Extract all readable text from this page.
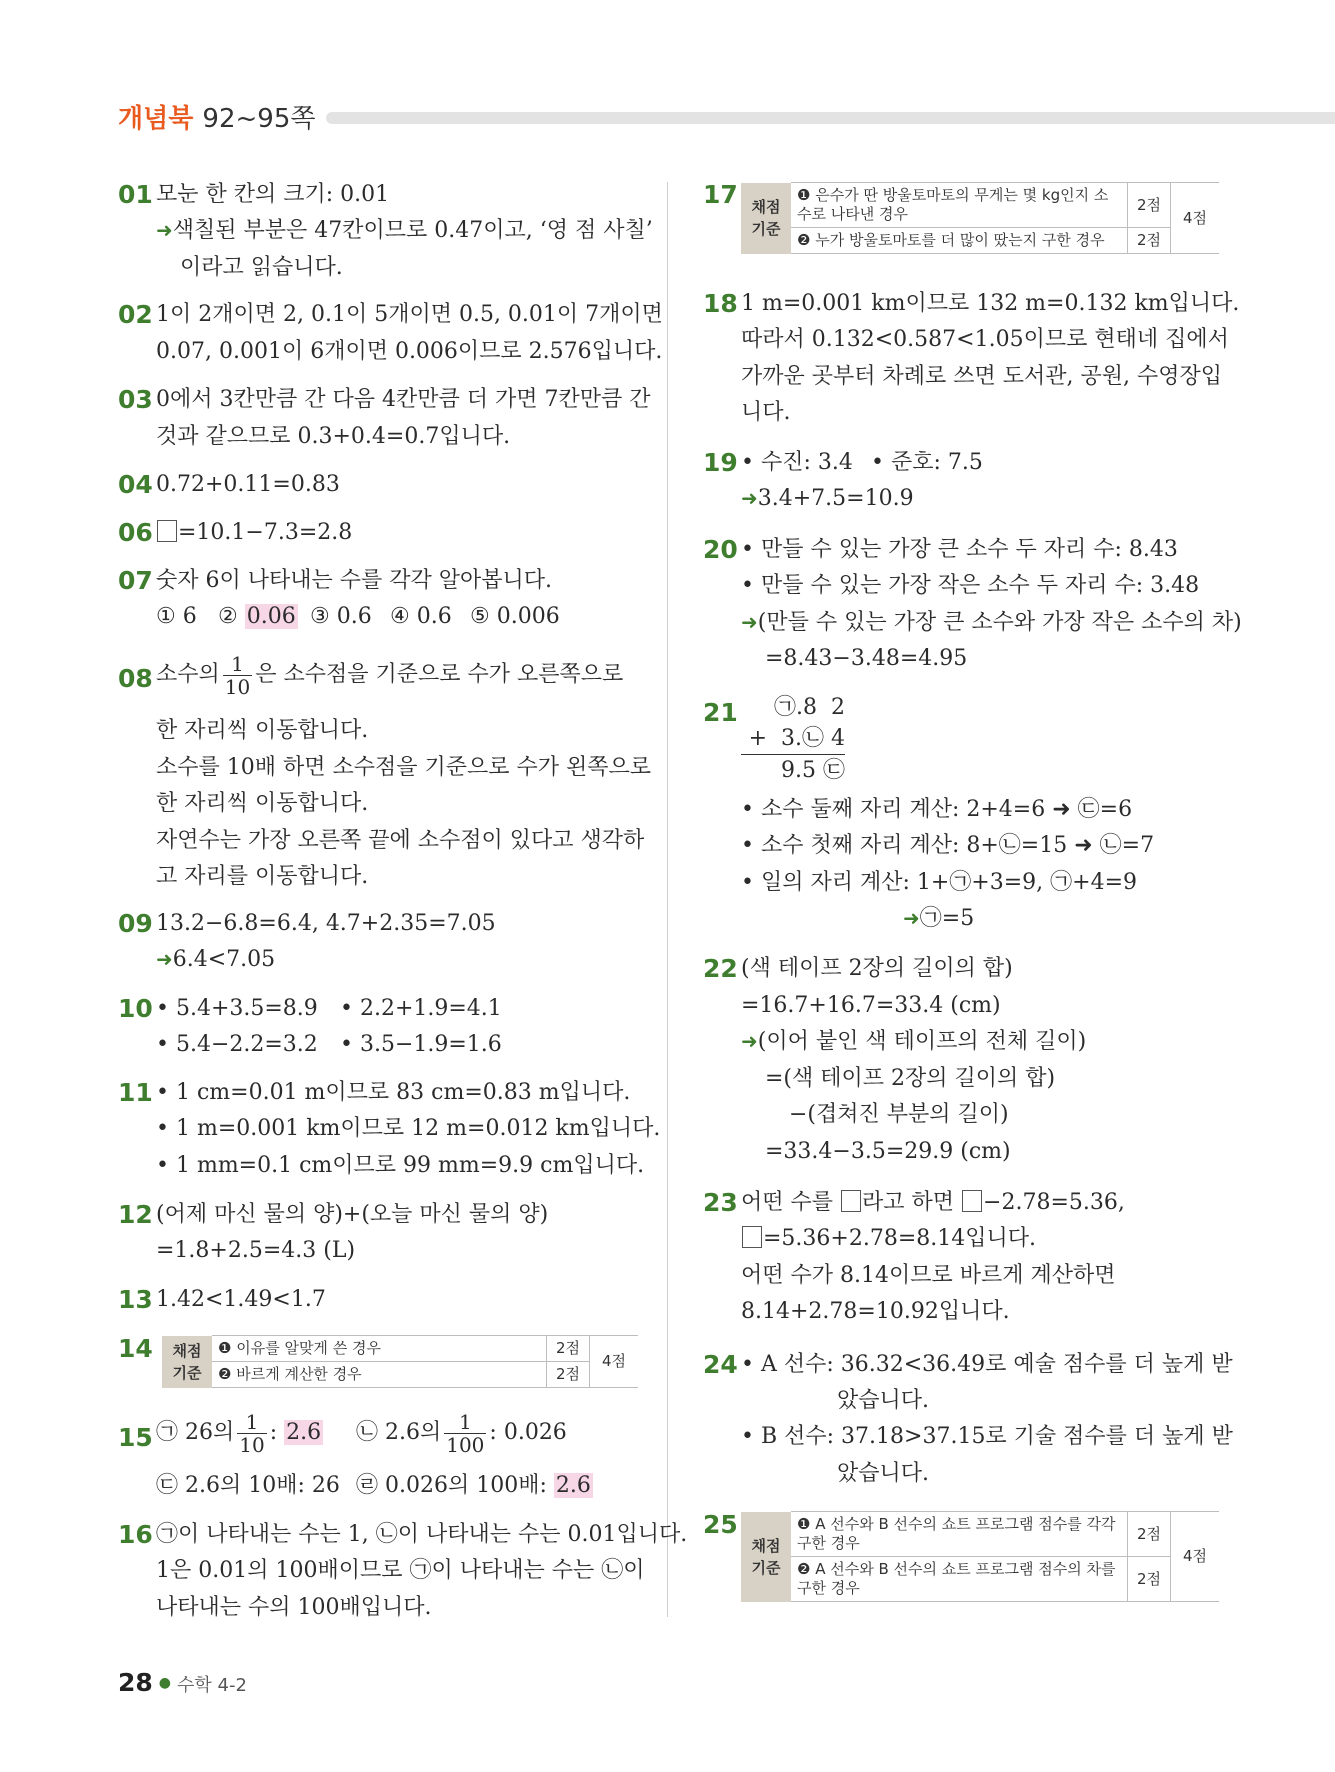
개념북 92~95쪽
01 모눈 한 칸의 크기: 0.01
➜색칠된 부분은 47칸이므로 0.47이고, ‘영 점 사칠’
이라고 읽습니다.
02 1이 2개이면 2, 0.1이 5개이면 0.5, 0.01이 7개이면
0.07, 0.001이 6개이면 0.006이므로 2.576입니다.
03 0에서 3칸만큼 간 다음 4칸만큼 더 가면 7칸만큼 간
것과 같으므로 0.3+0.4=0.7입니다.
04 0.72+0.11=0.83
06	=10.1−7.3=2.8
07 숫자 6이 나타내는 수를 각각 알아봅니다.
① 6 ② 0.06 ③ 0.6 ④ 0.6 ⑤ 0.006
08 소수의 $\frac{1}{10}$ 은 소수점을 기준으로 수가 오른쪽으로
한 자리씩 이동합니다.
소수를 10배 하면 소수점을 기준으로 수가 왼쪽으로
한 자리씩 이동합니다.
자연수는 가장 오른쪽 끝에 소수점이 있다고 생각하
고 자리를 이동합니다.
09 13.2−6.8=6.4, 4.7+2.35=7.05
➜6.4<7.05
10 • 5.4+3.5=8.9 • 2.2+1.9=4.1
• 5.4−2.2=3.2 • 3.5−1.9=1.6
11 • 1 cm=0.01 m이므로 83 cm=0.83 m입니다.
• 1 m=0.001 km이므로 12 m=0.012 km입니다.
• 1 mm=0.1 cm이므로 99 mm=9.9 cm입니다.
12 (어제 마신 물의 양)+(오늘 마신 물의 양)
=1.8+2.5=4.3 (L)
13 1.42<1.49<1.7
14 채점
기준	❶ 이유를 알맞게 쓴 경우	2점	4점
	❷ 바르게 계산한 경우	2점	
15 ㉠ 26의 $\frac{1}{10}$ : 2.6 ㉡ 2.6의 $\frac{1}{100}$ : 0.026
㉢ 2.6의 10배: 26 ㉣ 0.026의 100배: 2.6
16 ㉠이 나타내는 수는 1, ㉡이 나타내는 수는 0.01입니다.
1은 0.01의 100배이므로 ㉠이 나타내는 수는 ㉡이
나타내는 수의 100배입니다.
17 채점
기준	❶ 은수가 딴 방울토마토의 무게는 몇 kg인지 소수로 나타낸 경우	2점	4점
	❷ 누가 방울토마토를 더 많이 땄는지 구한 경우	2점	
18 1 m=0.001 km이므로 132 m=0.132 km입니다.
따라서 0.132<0.587<1.05이므로 현태네 집에서
가까운 곳부터 차례로 쓰면 도서관, 공원, 수영장입
니다.
19 • 수진: 3.4 • 준호: 7.5
➜3.4+7.5=10.9
20 • 만들 수 있는 가장 큰 소수 두 자리 수: 8.43
• 만들 수 있는 가장 작은 소수 두 자리 수: 3.48
➜(만들 수 있는 가장 큰 소수와 가장 작은 소수의 차)
=8.43−3.48=4.95
21	㉠.8  2
+  3.㉡ 4
9.5 ㉢
• 소수 둘째 자리 계산: 2+4=6 ➜ ㉢=6
• 소수 첫째 자리 계산: 8+㉡=15 ➜ ㉡=7
• 일의 자리 계산: 1+㉠+3=9, ㉠+4=9
➜㉠=5
22 (색 테이프 2장의 길이의 합)
=16.7+16.7=33.4 (cm)
➜(이어 붙인 색 테이프의 전체 길이)
=(색 테이프 2장의 길이의 합)
−(겹쳐진 부분의 길이)
=33.4−3.5=29.9 (cm)
23 어떤 수를 라고 하면 −2.78=5.36,
=5.36+2.78=8.14입니다.
어떤 수가 8.14이므로 바르게 계산하면
8.14+2.78=10.92입니다.
24 • A 선수: 36.32<36.49로 예술 점수를 더 높게 받
았습니다.
• B 선수: 37.18>37.15로 기술 점수를 더 높게 받
았습니다.
25
채점
기준	❶ A 선수와 B 선수의 쇼트 프로그램 점수를 각각 구한 경우	2점	4점
	❷ A 선수와 B 선수의 쇼트 프로그램 점수의 차를 구한 경우	2점	
28 ● 수학 4-2
